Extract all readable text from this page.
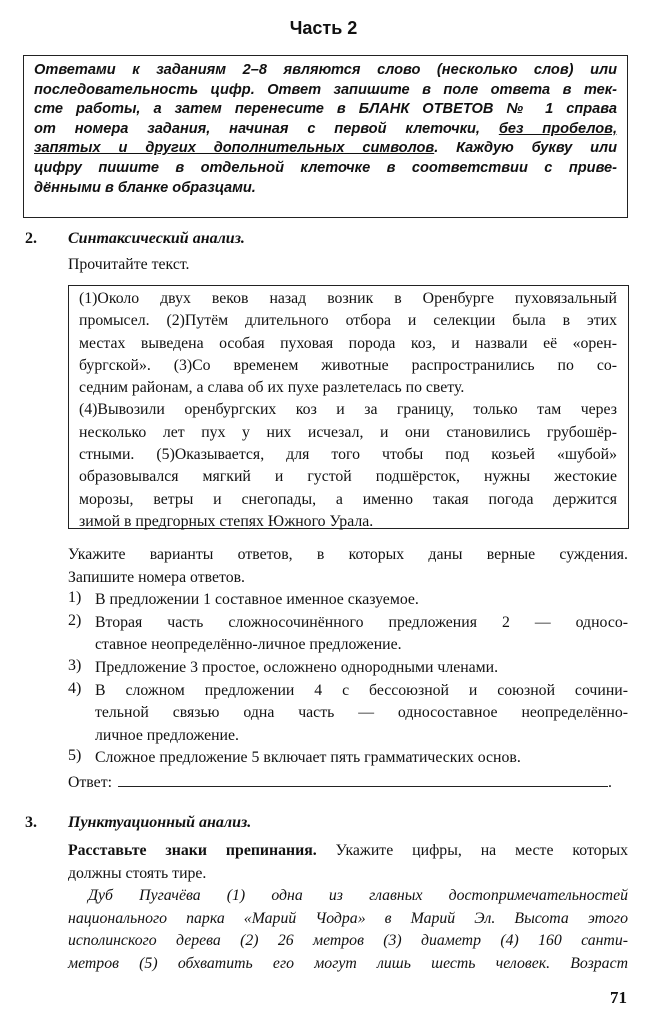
Часть 2
Ответами к заданиям 2–8 являются слово (несколько слов) или
последовательность цифр. Ответ запишите в поле ответа в тек-
сте работы, а затем перенесите в БЛАНК ОТВЕТОВ № 1 справа
от номера задания, начиная с первой клеточки, без пробелов,
запятых и других дополнительных символов. Каждую букву или
цифру пишите в отдельной клеточке в соответствии с приве-
дёнными в бланке образцами.
2. Синтаксический анализ.
Прочитайте текст.
(1)Около двух веков назад возник в Оренбурге пуховязальный
промысел. (2)Путём длительного отбора и селекции была в этих
местах выведена особая пуховая порода коз, и назвали её «орен-
бургской». (3)Со временем животные распространились по со-
седним районам, а слава об их пухе разлетелась по свету.
(4)Вывозили оренбургских коз и за границу, только там через
несколько лет пух у них исчезал, и они становились грубошёр-
стными. (5)Оказывается, для того чтобы под козьей «шубой»
образовывался мягкий и густой подшёрсток, нужны жестокие
морозы, ветры и снегопады, а именно такая погода держится
зимой в предгорных степях Южного Урала.
Укажите варианты ответов, в которых даны верные суждения.
Запишите номера ответов.
1) В предложении 1 составное именное сказуемое.
2) Вторая часть сложносочинённого предложения 2 — односо-
ставное неопределённо-личное предложение.
3) Предложение 3 простое, осложнено однородными членами.
4) В сложном предложении 4 с бессоюзной и союзной сочини-
тельной связью одна часть — односоставное неопределённо-
личное предложение.
5) Сложное предложение 5 включает пять грамматических основ.
Ответ:	.
3. Пунктуационный анализ.
Расставьте знаки препинания. Укажите цифры, на месте которых
должны стоять тире.
Дуб Пугачёва (1) одна из главных достопримечательностей
национального парка «Марий Чодра» в Марий Эл. Высота этого
исполинского дерева (2) 26 метров (3) диаметр (4) 160 санти-
метров (5) обхватить его могут лишь шесть человек. Возраст
71
